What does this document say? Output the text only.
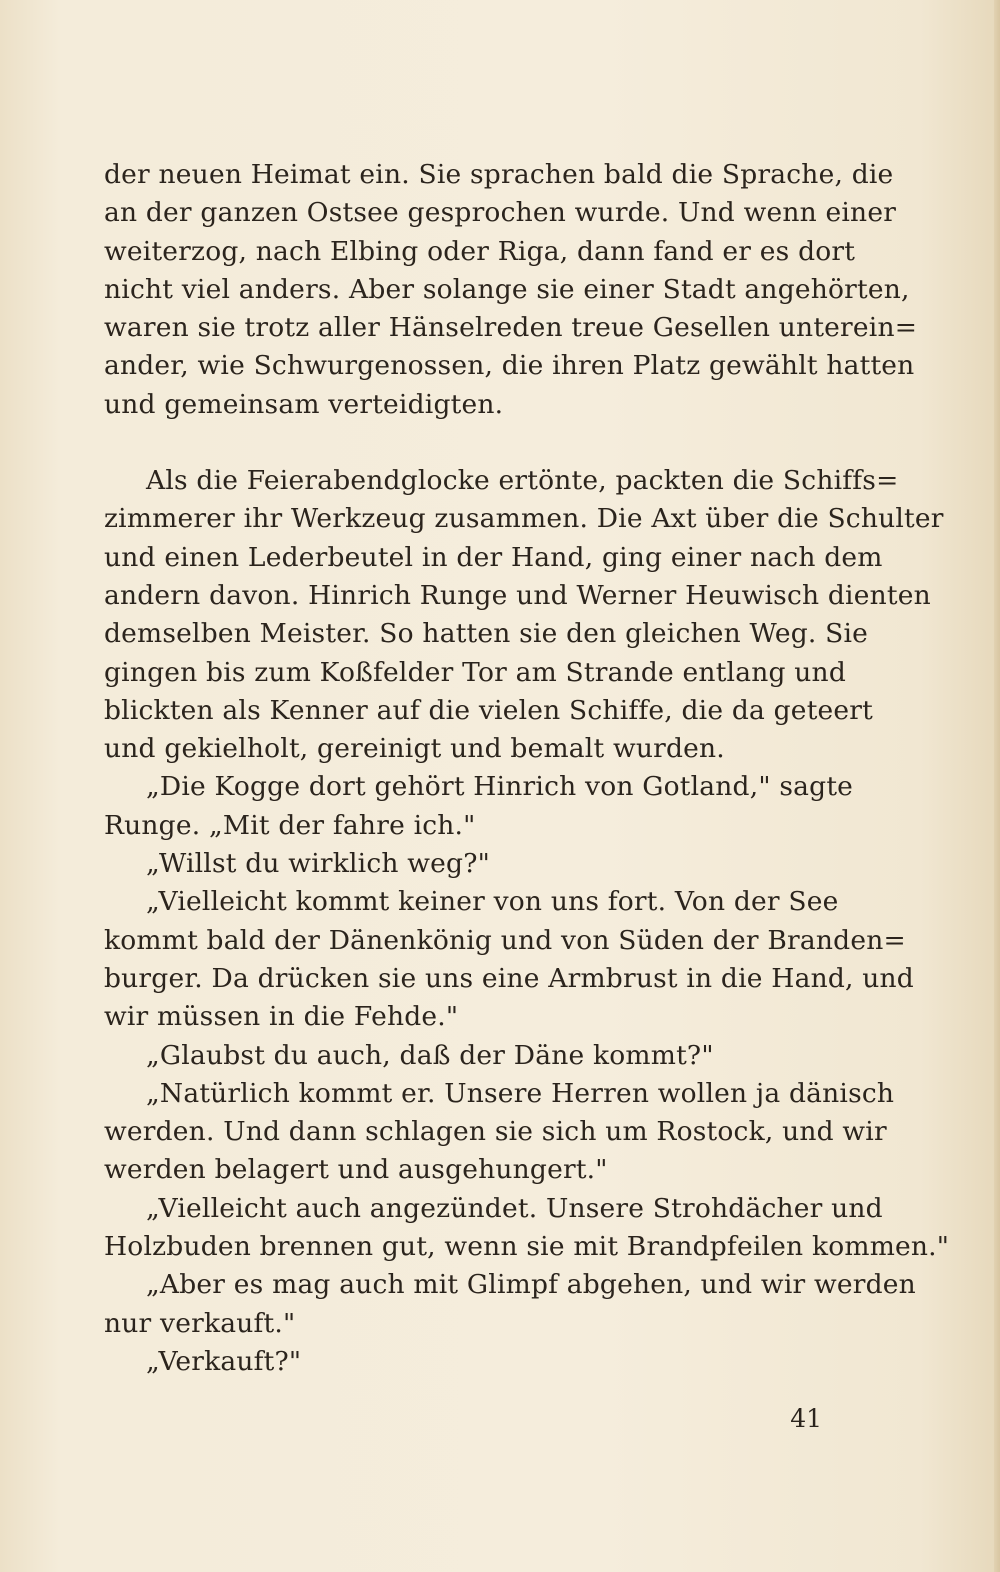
der neuen Heimat ein. Sie sprachen bald die Sprache, die
an der ganzen Ostsee gesprochen wurde. Und wenn einer
weiterzog, nach Elbing oder Riga, dann fand er es dort
nicht viel anders. Aber solange sie einer Stadt angehörten,
waren sie trotz aller Hänselreden treue Gesellen unterein=
ander, wie Schwurgenossen, die ihren Platz gewählt hatten
und gemeinsam verteidigten.
Als die Feierabendglocke ertönte, packten die Schiffs=
zimmerer ihr Werkzeug zusammen. Die Axt über die Schulter
und einen Lederbeutel in der Hand, ging einer nach dem
andern davon. Hinrich Runge und Werner Heuwisch dienten
demselben Meister. So hatten sie den gleichen Weg. Sie
gingen bis zum Koßfelder Tor am Strande entlang und
blickten als Kenner auf die vielen Schiffe, die da geteert
und gekielholt, gereinigt und bemalt wurden.
„Die Kogge dort gehört Hinrich von Gotland," sagte
Runge. „Mit der fahre ich."
„Willst du wirklich weg?"
„Vielleicht kommt keiner von uns fort. Von der See
kommt bald der Dänenkönig und von Süden der Branden=
burger. Da drücken sie uns eine Armbrust in die Hand, und
wir müssen in die Fehde."
„Glaubst du auch, daß der Däne kommt?"
„Natürlich kommt er. Unsere Herren wollen ja dänisch
werden. Und dann schlagen sie sich um Rostock, und wir
werden belagert und ausgehungert."
„Vielleicht auch angezündet. Unsere Strohdächer und
Holzbuden brennen gut, wenn sie mit Brandpfeilen kommen."
„Aber es mag auch mit Glimpf abgehen, und wir werden
nur verkauft."
„Verkauft?"
41
